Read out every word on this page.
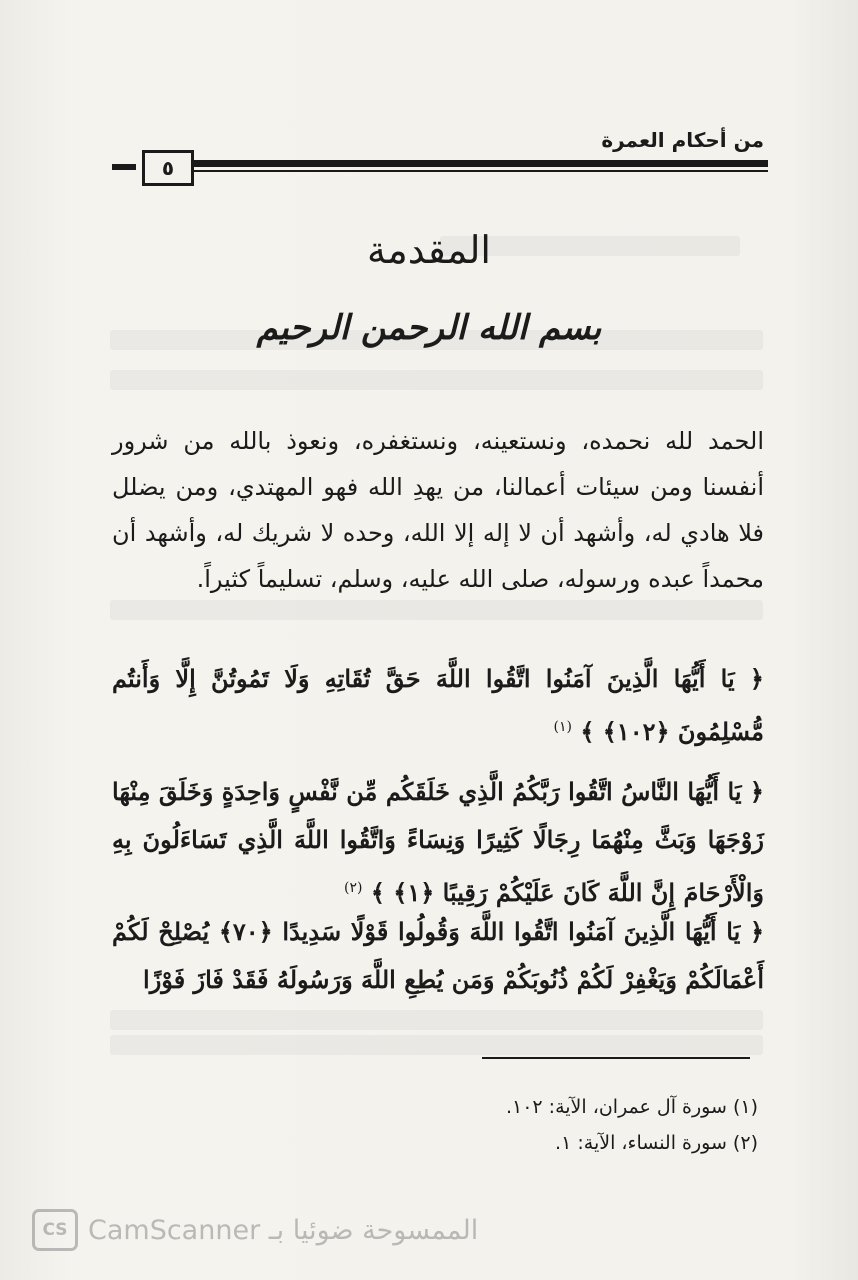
من أحكام العمرة
٥
المقدمة
بسم الله الرحمن الرحيم
الحمد لله نحمده، ونستعينه، ونستغفره، ونعوذ بالله من شرور أنفسنا ومن سيئات أعمالنا، من يهدِ الله فهو المهتدي، ومن يضلل فلا هادي له، وأشهد أن لا إله إلا الله، وحده لا شريك له، وأشهد أن محمداً عبده ورسوله، صلى الله عليه، وسلم، تسليماً كثيراً.
﴿ يَا أَيُّهَا الَّذِينَ آمَنُوا اتَّقُوا اللَّهَ حَقَّ تُقَاتِهِ وَلَا تَمُوتُنَّ إِلَّا وَأَنتُم مُّسْلِمُونَ ﴿١٠٢﴾ ﴾ $^{(١)}$
﴿ يَا أَيُّهَا النَّاسُ اتَّقُوا رَبَّكُمُ الَّذِي خَلَقَكُم مِّن نَّفْسٍ وَاحِدَةٍ وَخَلَقَ مِنْهَا زَوْجَهَا وَبَثَّ مِنْهُمَا رِجَالًا كَثِيرًا وَنِسَاءً وَاتَّقُوا اللَّهَ الَّذِي تَسَاءَلُونَ بِهِ وَالْأَرْحَامَ إِنَّ اللَّهَ كَانَ عَلَيْكُمْ رَقِيبًا ﴿١﴾ ﴾ $^{(٢)}$
﴿ يَا أَيُّهَا الَّذِينَ آمَنُوا اتَّقُوا اللَّهَ وَقُولُوا قَوْلًا سَدِيدًا ﴿٧٠﴾ يُصْلِحْ لَكُمْ أَعْمَالَكُمْ وَيَغْفِرْ لَكُمْ ذُنُوبَكُمْ وَمَن يُطِعِ اللَّهَ وَرَسُولَهُ فَقَدْ فَازَ فَوْزًا
(١) سورة آل عمران، الآية: ١٠٢.
(٢) سورة النساء، الآية: ١.
CS CamScanner الممسوحة ضوئيا بـ
